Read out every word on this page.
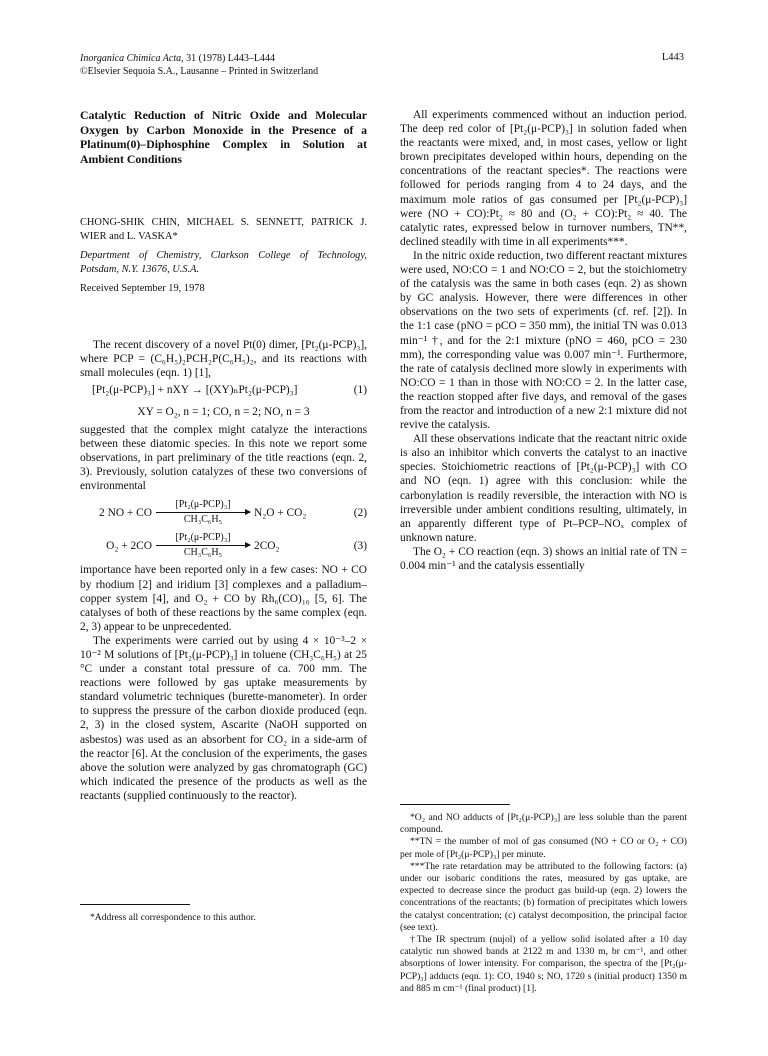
Inorganica Chimica Acta, 31 (1978) L443–L444
©Elsevier Sequoia S.A., Lausanne – Printed in Switzerland
L443

Catalytic Reduction of Nitric Oxide and Molecular Oxygen by Carbon Monoxide in the Presence of a Platinum(0)–Diphosphine Complex in Solution at Ambient Conditions

CHONG-SHIK CHIN, MICHAEL S. SENNETT, PATRICK J. WIER and L. VASKA*

Department of Chemistry, Clarkson College of Technology, Potsdam, N.Y. 13676, U.S.A.

Received September 19, 1978

The recent discovery of a novel Pt(0) dimer, [Pt₂(μ-PCP)₃], where PCP = (C₆H₅)₂PCH₂P(C₆H₅)₂, and its reactions with small molecules (eqn. 1) [1],

[Pt₂(μ-PCP)₃] + nXY → [(XY)ₙPt₂(μ-PCP)₃]	(1)
XY = O₂, n = 1; CO, n = 2; NO, n = 3

suggested that the complex might catalyze the interactions between these diatomic species. In this note we report some observations, in part preliminary of the title reactions (eqn. 2, 3). Previously, solution catalyzes of these two conversions of environmental

2 NO + CO
[Pt₂(μ-PCP)₃]
CH₃C₆H₅
N₂O + CO₂	(2)
O₂ + 2CO
[Pt₂(μ-PCP)₃]
CH₃C₆H₅
2CO₂	(3)

importance have been reported only in a few cases: NO + CO by rhodium [2] and iridium [3] complexes and a palladium–copper system [4], and O₂ + CO by Rh₆(CO)₁₆ [5, 6]. The catalyses of both of these reactions by the same complex (eqn. 2, 3) appear to be unprecedented.

The experiments were carried out by using 4 × 10⁻³–2 × 10⁻² M solutions of [Pt₂(μ-PCP)₃] in toluene (CH₃C₆H₅) at 25 °C under a constant total pressure of ca. 700 mm. The reactions were followed by gas uptake measurements by standard volumetric techniques (burette-manometer). In order to suppress the pressure of the carbon dioxide produced (eqn. 2, 3) in the closed system, Ascarite (NaOH supported on asbestos) was used as an absorbent for CO₂ in a side-arm of the reactor [6]. At the conclusion of the experiments, the gases above the solution were analyzed by gas chromatograph (GC) which indicated the presence of the products as well as the reactants (supplied continuously to the reactor).

*Address all correspondence to this author.

All experiments commenced without an induction period. The deep red color of [Pt₂(μ-PCP)₃] in solution faded when the reactants were mixed, and, in most cases, yellow or light brown precipitates developed within hours, depending on the concentrations of the reactant species*. The reactions were followed for periods ranging from 4 to 24 days, and the maximum mole ratios of gas consumed per [Pt₂(μ-PCP)₃] were (NO + CO):Pt₂ ≈ 80 and (O₂ + CO):Pt₂ ≈ 40. The catalytic rates, expressed below in turnover numbers, TN**, declined steadily with time in all experiments***.

In the nitric oxide reduction, two different reactant mixtures were used, NO:CO = 1 and NO:CO = 2, but the stoichiometry of the catalysis was the same in both cases (eqn. 2) as shown by GC analysis. However, there were differences in other observations on the two sets of experiments (cf. ref. [2]). In the 1:1 case (pNO = pCO = 350 mm), the initial TN was 0.013 min⁻¹ †, and for the 2:1 mixture (pNO = 460, pCO = 230 mm), the corresponding value was 0.007 min⁻¹. Furthermore, the rate of catalysis declined more slowly in experiments with NO:CO = 1 than in those with NO:CO = 2. In the latter case, the reaction stopped after five days, and removal of the gases from the reactor and introduction of a new 2:1 mixture did not revive the catalysis.

All these observations indicate that the reactant nitric oxide is also an inhibitor which converts the catalyst to an inactive species. Stoichiometric reactions of [Pt₂(μ-PCP)₃] with CO and NO (eqn. 1) agree with this conclusion: while the carbonylation is readily reversible, the interaction with NO is irreversible under ambient conditions resulting, ultimately, in an apparently different type of Pt–PCP–NOₓ complex of unknown nature.

The O₂ + CO reaction (eqn. 3) shows an initial rate of TN = 0.004 min⁻¹ and the catalysis essentially

*O₂ and NO adducts of [Pt₂(μ-PCP)₃] are less soluble than the parent compound.

**TN = the number of mol of gas consumed (NO + CO or O₂ + CO) per mole of [Pt₂(μ-PCP)₃] per minute.

***The rate retardation may be attributed to the following factors: (a) under our isobaric conditions the rates, measured by gas uptake, are expected to decrease since the product gas build-up (eqn. 2) lowers the concentrations of the reactants; (b) formation of precipitates which lowers the catalyst concentration; (c) catalyst decomposition, the principal factor (see text).

†The IR spectrum (nujol) of a yellow solid isolated after a 10 day catalytic run showed bands at 2122 m and 1330 m, br cm⁻¹, and other absorptions of lower intensity. For comparison, the spectra of the [Pt₂(μ-PCP)₃] adducts (eqn. 1): CO, 1940 s; NO, 1720 s (initial product) 1350 m and 885 m cm⁻¹ (final product) [1].
